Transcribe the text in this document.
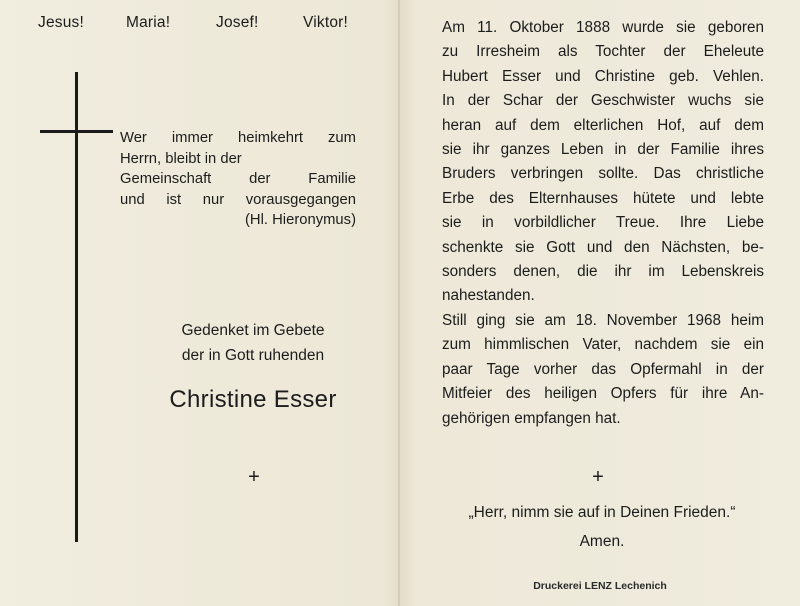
Jesus!	Maria!	Josef!	Viktor!
Wer immer heimkehrt zum
Herrn, bleibt in der
Gemeinschaft der Familie
und ist nur vorausgegangen
(Hl. Hieronymus)
Gedenket im Gebete
der in Gott ruhenden
Christine Esser
+
Am 11. Oktober 1888 wurde sie geboren
zu Irresheim als Tochter der Eheleute
Hubert Esser und Christine geb. Vehlen.
In der Schar der Geschwister wuchs sie
heran auf dem elterlichen Hof, auf dem
sie ihr ganzes Leben in der Familie ihres
Bruders verbringen sollte. Das christliche
Erbe des Elternhauses hütete und lebte
sie in vorbildlicher Treue. Ihre Liebe
schenkte sie Gott und den Nächsten, be-
sonders denen, die ihr im Lebenskreis
nahestanden.
Still ging sie am 18. November 1968 heim
zum himmlischen Vater, nachdem sie ein
paar Tage vorher das Opfermahl in der
Mitfeier des heiligen Opfers für ihre An-
gehörigen empfangen hat.
+
„Herr, nimm sie auf in Deinen Frieden.“
Amen.
Druckerei LENZ Lechenich
